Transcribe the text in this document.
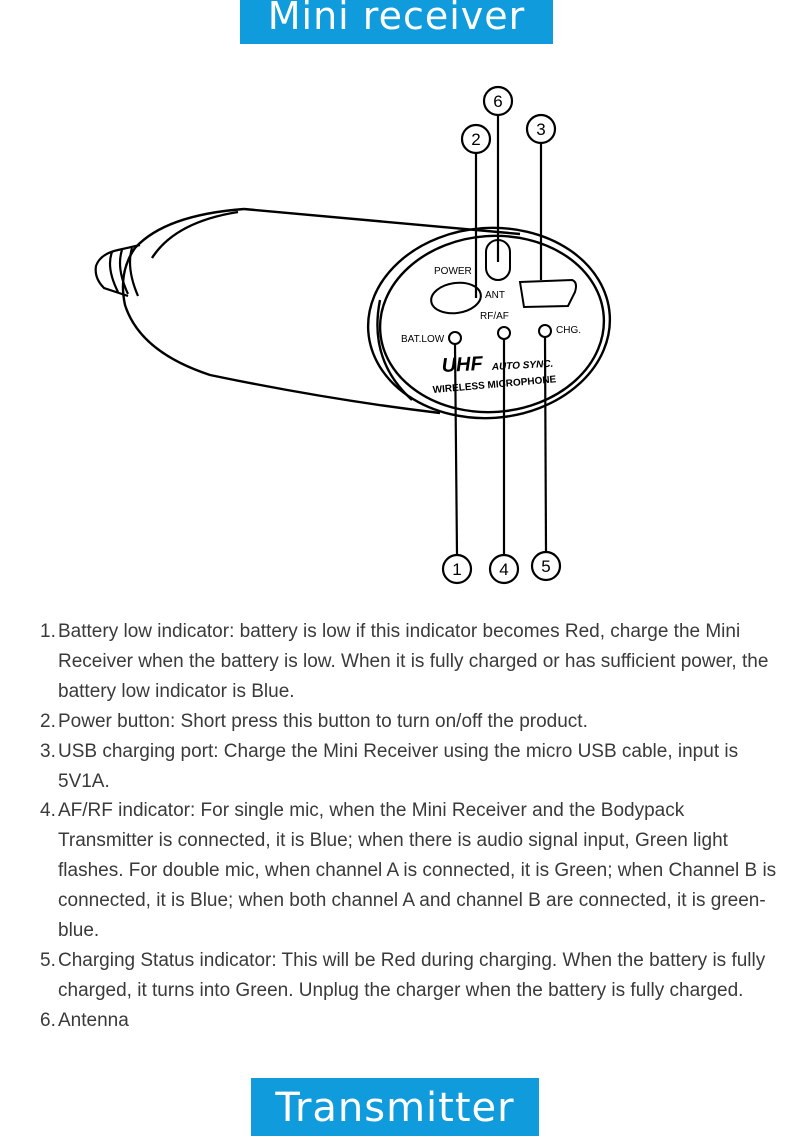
Mini receiver
POWER
ANT
RF/AF
BAT.LOW
CHG.
UHF AUTO SYNC.
WIRELESS MICROPHONE
6
2
3
1 4 5
1. Battery low indicator: battery is low if this indicator becomes Red, charge the Mini Receiver when the battery is low. When it is fully charged or has sufficient power, the battery low indicator is Blue.
2. Power button: Short press this button to turn on/off the product.
3. USB charging port: Charge the Mini Receiver using the micro USB cable, input is 5V1A.
4. AF/RF indicator: For single mic, when the Mini Receiver and the Bodypack Transmitter is connected, it is Blue; when there is audio signal input, Green light flashes. For double mic, when channel A is connected, it is Green; when Channel B is connected, it is Blue; when both channel A and channel B are connected, it is green-blue.
5. Charging Status indicator: This will be Red during charging. When the battery is fully charged, it turns into Green. Unplug the charger when the battery is fully charged.
6. Antenna
Transmitter
